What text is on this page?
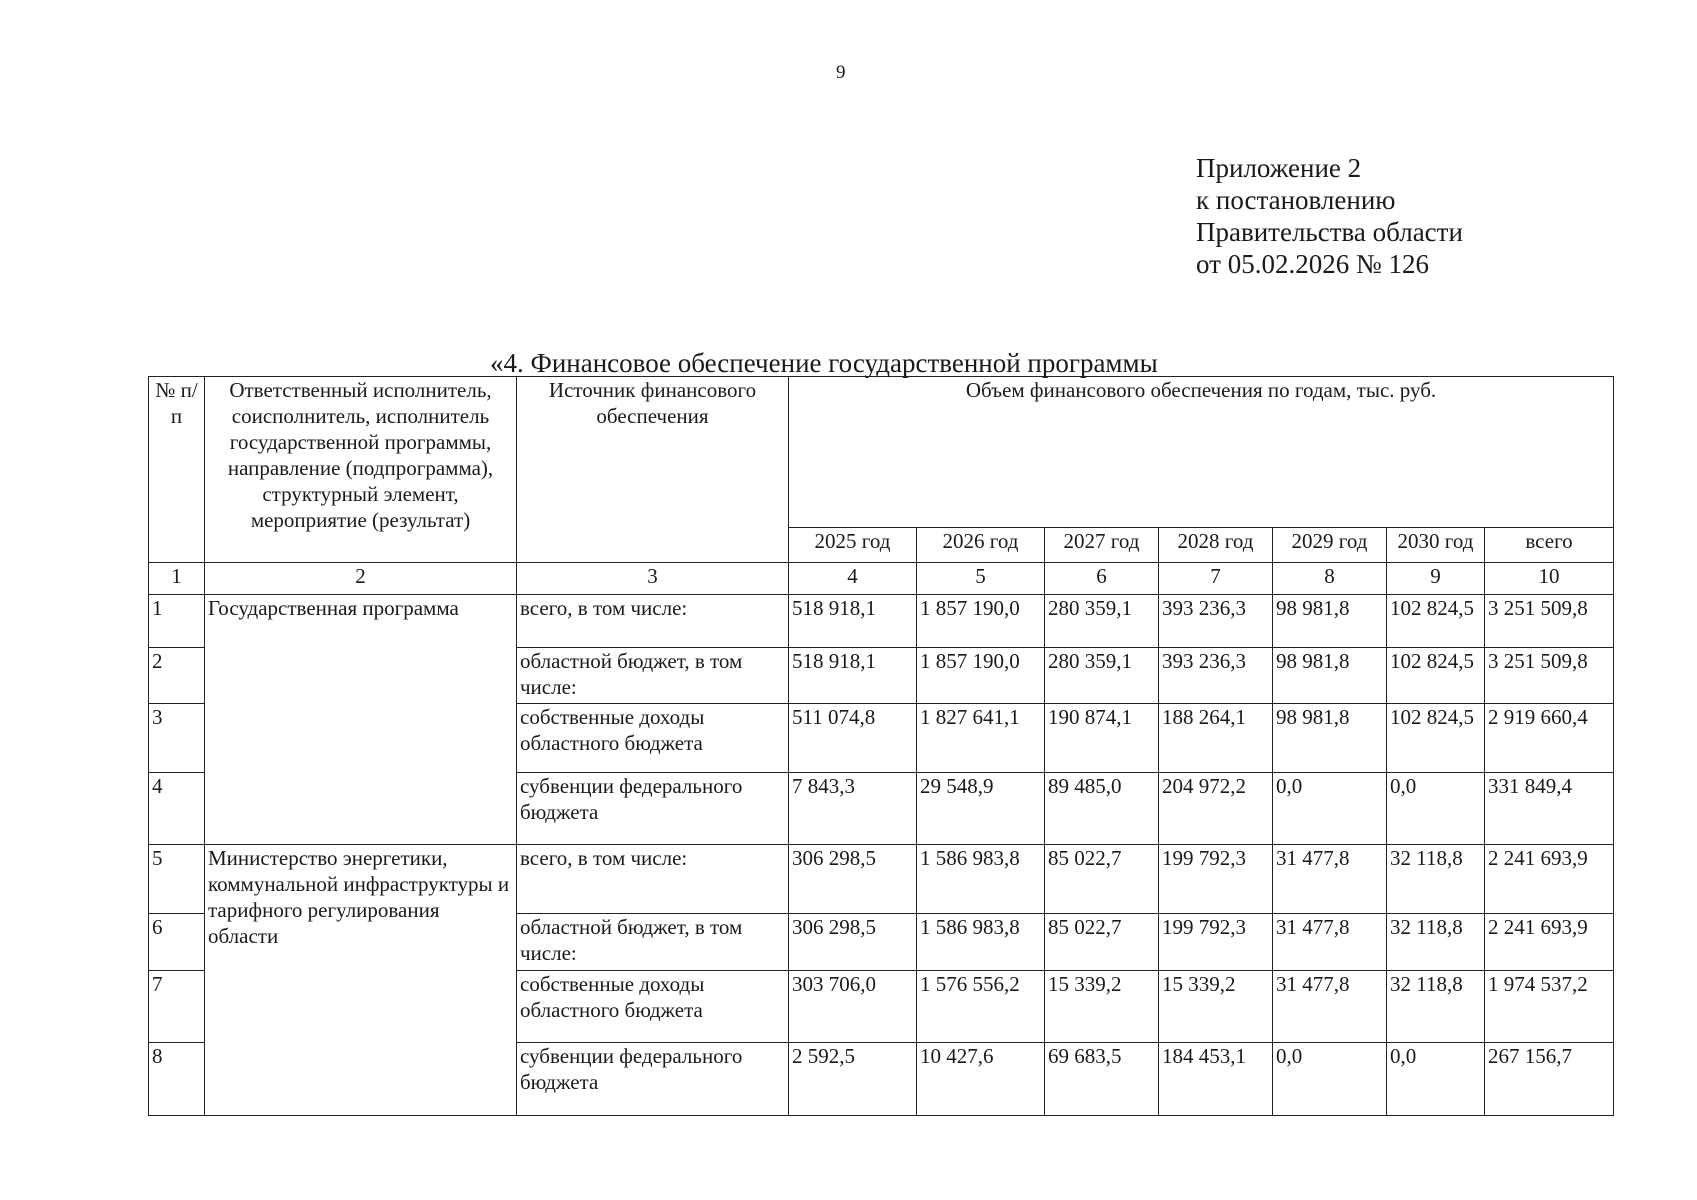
9
Приложение 2
к постановлению
Правительства области
от 05.02.2026 № 126
«4. Финансовое обеспечение государственной программы
№ п/п	Ответственный исполнитель, соисполнитель, исполнитель государственной программы, направление (подпрограмма), структурный элемент, мероприятие (результат)	Источник финансового обеспечения	Объем финансового обеспечения по годам, тыс. руб.						
			2025 год	2026 год	2027 год	2028 год	2029 год	2030 год	всего
1	2	3	4	5	6	7	8	9	10
1	Государственная программа	всего, в том числе:	518 918,1	1 857 190,0	280 359,1	393 236,3	98 981,8	102 824,5	3 251 509,8
2		областной бюджет, в том числе:	518 918,1	1 857 190,0	280 359,1	393 236,3	98 981,8	102 824,5	3 251 509,8
3		собственные доходы областного бюджета	511 074,8	1 827 641,1	190 874,1	188 264,1	98 981,8	102 824,5	2 919 660,4
4		субвенции федерального бюджета	7 843,3	29 548,9	89 485,0	204 972,2	0,0	0,0	331 849,4
5	Министерство энергетики, коммунальной инфраструктуры и тарифного регулирования области	всего, в том числе:	306 298,5	1 586 983,8	85 022,7	199 792,3	31 477,8	32 118,8	2 241 693,9
6		областной бюджет, в том числе:	306 298,5	1 586 983,8	85 022,7	199 792,3	31 477,8	32 118,8	2 241 693,9
7		собственные доходы областного бюджета	303 706,0	1 576 556,2	15 339,2	15 339,2	31 477,8	32 118,8	1 974 537,2
8		субвенции федерального бюджета	2 592,5	10 427,6	69 683,5	184 453,1	0,0	0,0	267 156,7
